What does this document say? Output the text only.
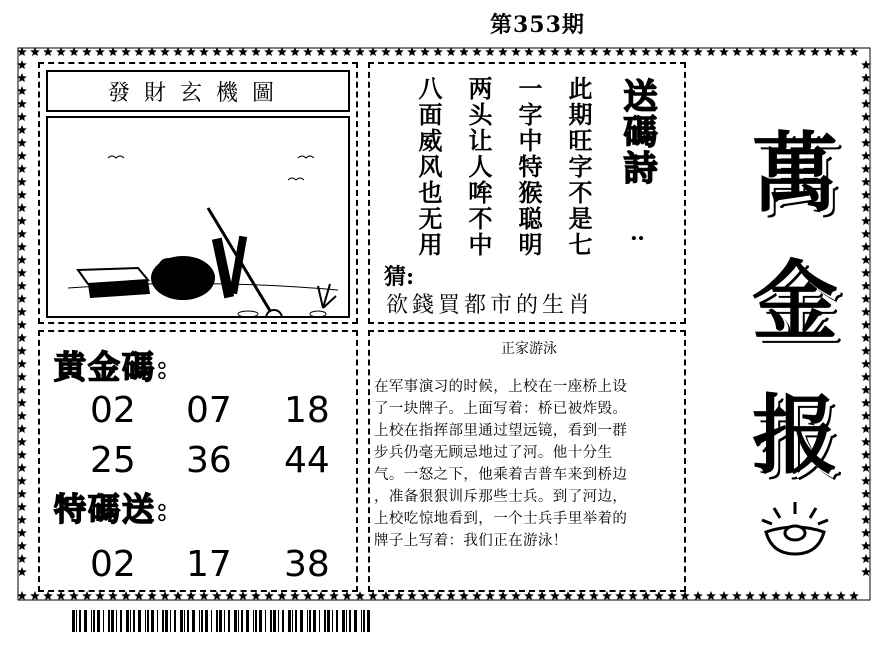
第353期
發財玄機圖	此期旺字不是七
一字中特猴聪明
两头让人哞不中
八面威风也无用	送碼詩
:
猜:
欲錢買都市的生肖
黄金碼:
02 07 18
25 36 44
特碼送:
02 17 38
正家游泳
在军事演习的时候，上校在一座桥上设
了一块牌子。上面写着：桥已被炸毁。
上校在指挥部里通过望远镜，看到一群
步兵仍毫无顾忌地过了河。他十分生
气。一怒之下，他乘着吉普车来到桥边
，准备狠狠训斥那些士兵。到了河边，
上校吃惊地看到，一个士兵手里举着的
牌子上写着：我们正在游泳！
萬
金
报
